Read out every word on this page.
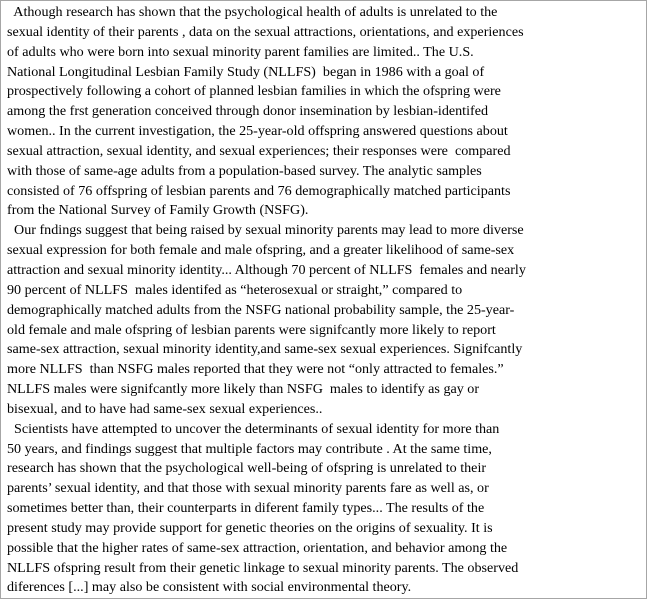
Athough research has shown that the psychological health of adults is unrelated to the
sexual identity of their parents , data on the sexual attractions, orientations, and experiences
of adults who were born into sexual minority parent families are limited.. The U.S.
National Longitudinal Lesbian Family Study (NLLFS)  began in 1986 with a goal of
prospectively following a cohort of planned lesbian families in which the ofspring were
among the frst generation conceived through donor insemination by lesbian-identifed
women.. In the current investigation, the 25-year-old offspring answered questions about
sexual attraction, sexual identity, and sexual experiences; their responses were  compared
with those of same-age adults from a population-based survey. The analytic samples
consisted of 76 offspring of lesbian parents and 76 demographically matched participants
from the National Survey of Family Growth (NSFG).
Our fndings suggest that being raised by sexual minority parents may lead to more diverse
sexual expression for both female and male ofspring, and a greater likelihood of same-sex
attraction and sexual minority identity... Although 70 percent of NLLFS  females and nearly
90 percent of NLLFS  males identifed as “heterosexual or straight,” compared to
demographically matched adults from the NSFG national probability sample, the 25-year-
old female and male ofspring of lesbian parents were signifcantly more likely to report
same-sex attraction, sexual minority identity,and same-sex sexual experiences. Signifcantly
more NLLFS  than NSFG males reported that they were not “only attracted to females.”
NLLFS males were signifcantly more likely than NSFG  males to identify as gay or
bisexual, and to have had same-sex sexual experiences..
Scientists have attempted to uncover the determinants of sexual identity for more than
50 years, and findings suggest that multiple factors may contribute . At the same time,
research has shown that the psychological well-being of ofspring is unrelated to their
parents’ sexual identity, and that those with sexual minority parents fare as well as, or
sometimes better than, their counterparts in diferent family types... The results of the
present study may provide support for genetic theories on the origins of sexuality. It is
possible that the higher rates of same-sex attraction, orientation, and behavior among the
NLLFS ofspring result from their genetic linkage to sexual minority parents. The observed
diferences [...] may also be consistent with social environmental theory.
